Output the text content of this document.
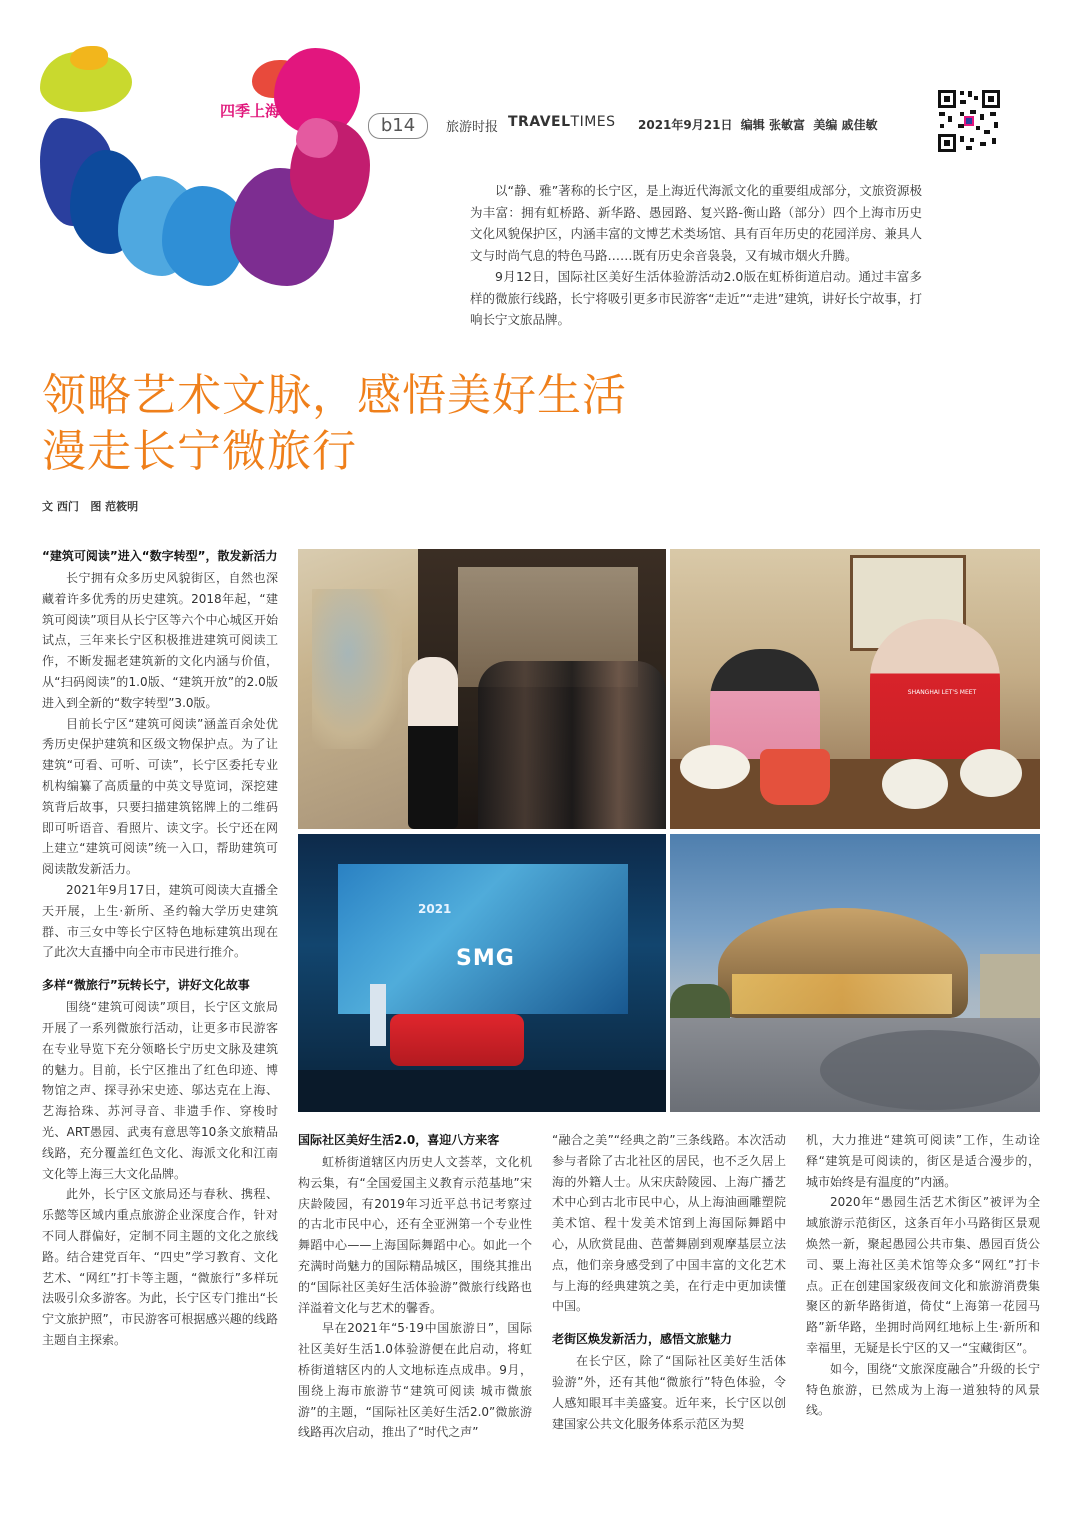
四季上海
b14	旅游时报 TRAVELTIMES 2021年9月21日  编辑 张敏富  美编 戚佳敏

以“静、雅”著称的长宁区，是上海近代海派文化的重要组成部分，文旅资源极为丰富：拥有虹桥路、新华路、愚园路、复兴路-衡山路（部分）四个上海市历史文化风貌保护区，内涵丰富的文博艺术类场馆、具有百年历史的花园洋房、兼具人文与时尚气息的特色马路……既有历史余音袅袅，又有城市烟火升腾。

9月12日，国际社区美好生活体验游活动2.0版在虹桥街道启动。通过丰富多样的微旅行线路，长宁将吸引更多市民游客“走近”“走进”建筑，讲好长宁故事，打响长宁文旅品牌。

领略艺术文脉，感悟美好生活
漫走长宁微旅行
文 西门   图 范筱明
“建筑可阅读”进入“数字转型”，散发新活力

长宁拥有众多历史风貌街区，自然也深藏着许多优秀的历史建筑。2018年起，“建筑可阅读”项目从长宁区等六个中心城区开始试点，三年来长宁区积极推进建筑可阅读工作，不断发掘老建筑新的文化内涵与价值，从“扫码阅读”的1.0版、“建筑开放”的2.0版进入到全新的“数字转型”3.0版。

目前长宁区“建筑可阅读”涵盖百余处优秀历史保护建筑和区级文物保护点。为了让建筑“可看、可听、可读”，长宁区委托专业机构编纂了高质量的中英文导览词，深挖建筑背后故事，只要扫描建筑铭牌上的二维码即可听语音、看照片、读文字。长宁还在网上建立“建筑可阅读”统一入口，帮助建筑可阅读散发新活力。

2021年9月17日，建筑可阅读大直播全天开展，上生·新所、圣约翰大学历史建筑群、市三女中等长宁区特色地标建筑出现在了此次大直播中向全市市民进行推介。

多样“微旅行”玩转长宁，讲好文化故事

围绕“建筑可阅读”项目，长宁区文旅局开展了一系列微旅行活动，让更多市民游客在专业导览下充分领略长宁历史文脉及建筑的魅力。目前，长宁区推出了红色印迹、博物馆之声、探寻孙宋史迹、邬达克在上海、艺海拾珠、苏河寻音、非遗手作、穿梭时光、ART愚园、武夷有意思等10条文旅精品线路，充分覆盖红色文化、海派文化和江南文化等上海三大文化品牌。

此外，长宁区文旅局还与春秋、携程、乐懿等区域内重点旅游企业深度合作，针对不同人群偏好，定制不同主题的文化之旅线路。结合建党百年、“四史”学习教育、文化艺术、“网红”打卡等主题，“微旅行”多样玩法吸引众多游客。为此，长宁区专门推出“长宁文旅护照”，市民游客可根据感兴趣的线路主题自主探索。

SHANGHAI LET'S MEET
2021
SMG
国际社区美好生活2.0，喜迎八方来客

虹桥街道辖区内历史人文荟萃，文化机构云集，有“全国爱国主义教育示范基地”宋庆龄陵园，有2019年习近平总书记考察过的古北市民中心，还有全亚洲第一个专业性舞蹈中心——上海国际舞蹈中心。如此一个充满时尚魅力的国际精品城区，围绕其推出的“国际社区美好生活体验游”微旅行线路也洋溢着文化与艺术的馨香。

早在2021年“5·19中国旅游日”，国际社区美好生活1.0体验游便在此启动，将虹桥街道辖区内的人文地标连点成串。9月，围绕上海市旅游节“建筑可阅读 城市微旅游”的主题，“国际社区美好生活2.0”微旅游线路再次启动，推出了“时代之声”

“融合之美”“经典之韵”三条线路。本次活动参与者除了古北社区的居民，也不乏久居上海的外籍人士。从宋庆龄陵园、上海广播艺术中心到古北市民中心，从上海油画雕塑院美术馆、程十发美术馆到上海国际舞蹈中心，从欣赏昆曲、芭蕾舞剧到观摩基层立法点，他们亲身感受到了中国丰富的文化艺术与上海的经典建筑之美，在行走中更加读懂中国。

老街区焕发新活力，感悟文旅魅力

在长宁区，除了“国际社区美好生活体验游”外，还有其他“微旅行”特色体验，令人感知眼耳丰美盛宴。近年来，长宁区以创建国家公共文化服务体系示范区为契

机，大力推进“建筑可阅读”工作，生动诠释“建筑是可阅读的，街区是适合漫步的，城市始终是有温度的”内涵。

2020年“愚园生活艺术街区”被评为全域旅游示范街区，这条百年小马路街区景观焕然一新，聚起愚园公共市集、愚园百货公司、粟上海社区美术馆等众多“网红”打卡点。正在创建国家级夜间文化和旅游消费集聚区的新华路街道，倚仗“上海第一花园马路”新华路，坐拥时尚网红地标上生·新所和幸福里，无疑是长宁区的又一“宝藏街区”。

如今，围绕“文旅深度融合”升级的长宁特色旅游，已然成为上海一道独特的风景线。
